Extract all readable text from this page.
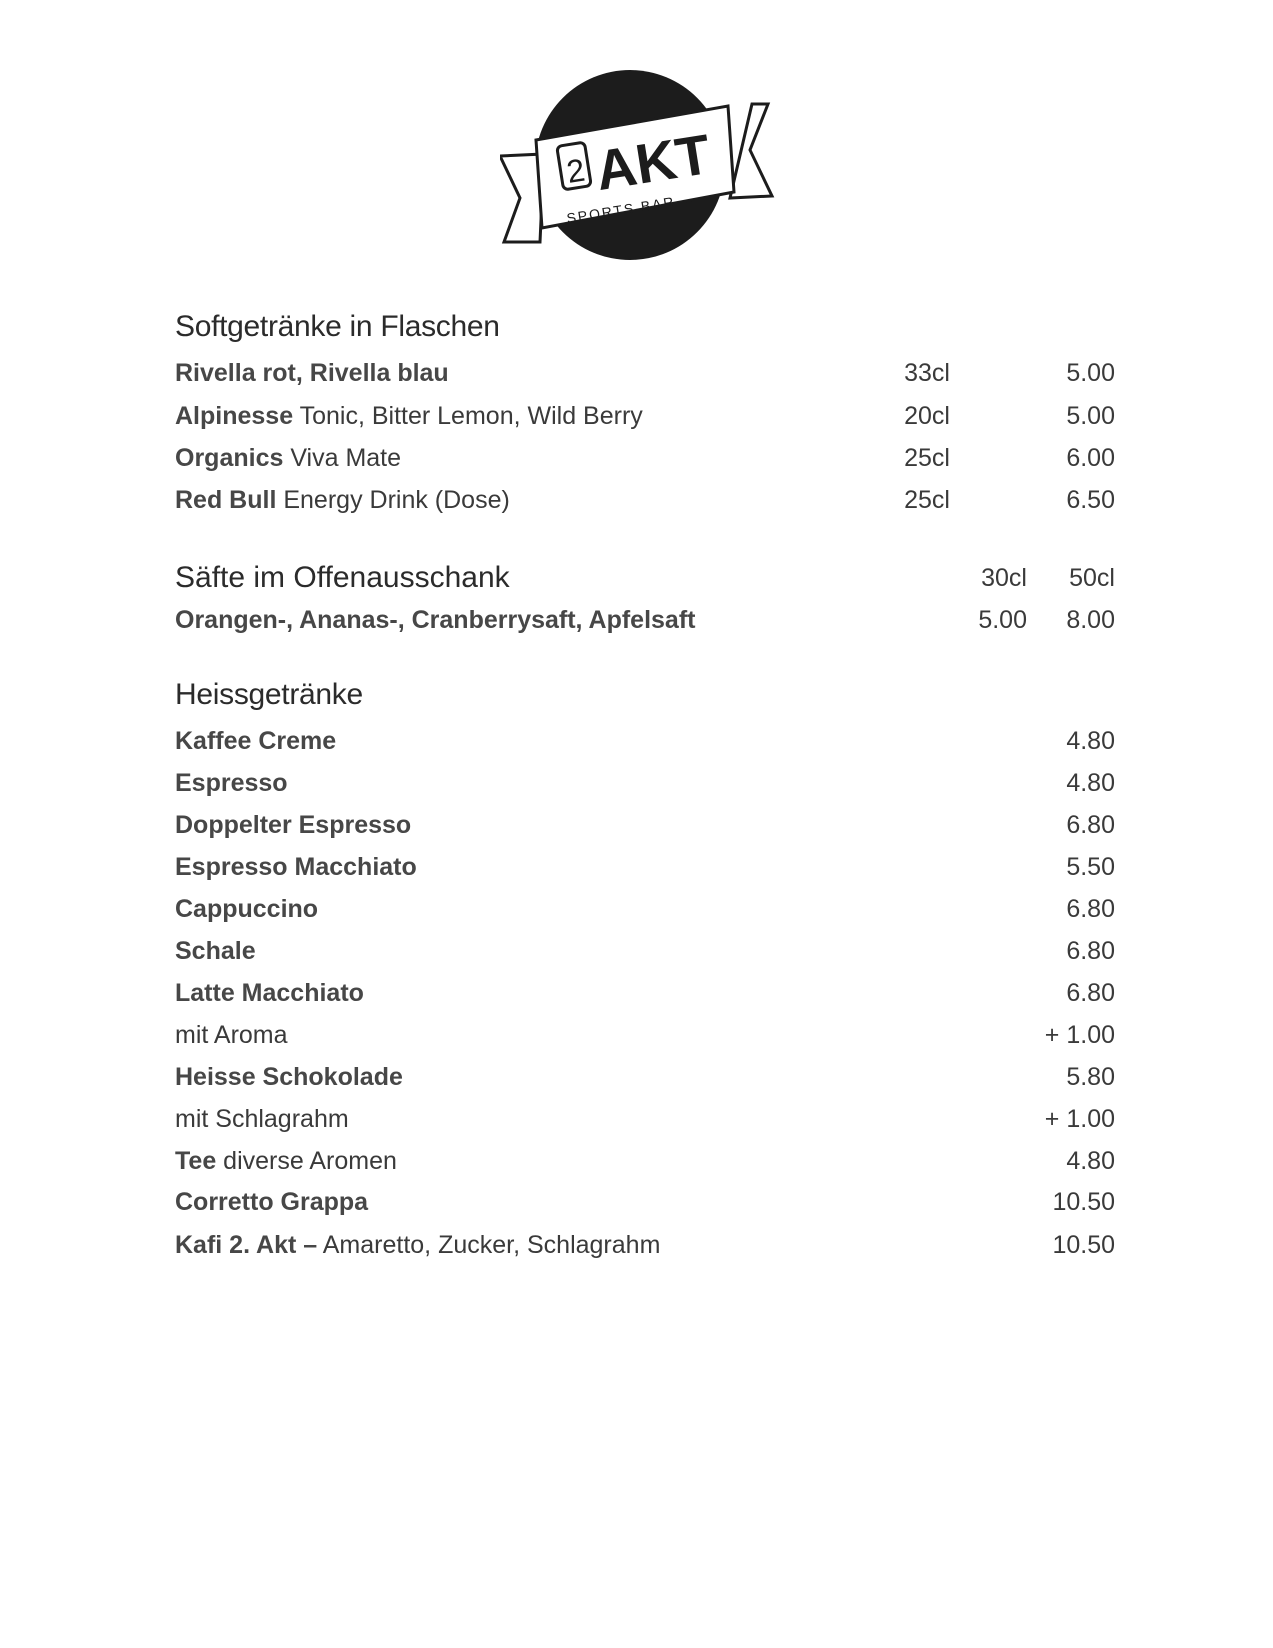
2 AKT
SPORTS BAR
Softgetränke in Flaschen
Rivella rot, Rivella blau	33cl	5.00
Alpinesse Tonic, Bitter Lemon, Wild Berry	20cl	5.00
Organics Viva Mate	25cl	6.00
Red Bull Energy Drink (Dose)	25cl	6.50
Säfte im Offenausschank	30cl 50cl
Orangen-, Ananas-, Cranberrysaft, Apfelsaft	5.00 8.00
Heissgetränke
Kaffee Creme	4.80
Espresso	4.80
Doppelter Espresso	6.80
Espresso Macchiato	5.50
Cappuccino	6.80
Schale	6.80
Latte Macchiato	6.80
mit Aroma	+ 1.00
Heisse Schokolade	5.80
mit Schlagrahm	+ 1.00
Tee diverse Aromen	4.80
Corretto Grappa	10.50
Kafi 2. Akt – Amaretto, Zucker, Schlagrahm	10.50
